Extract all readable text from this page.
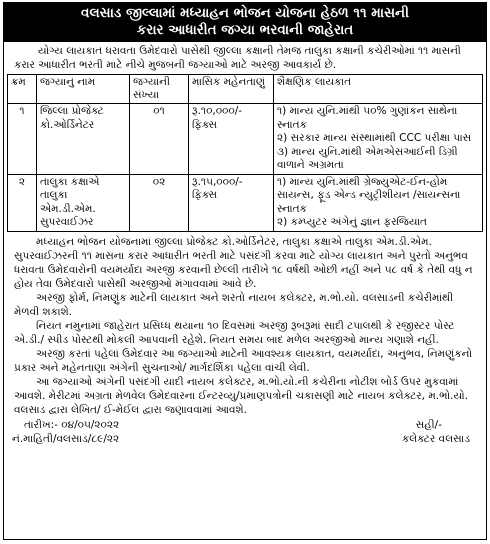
વલસાડ જીલ્લામાં મધ્યાહન ભોજન યોજના હેઠળ ૧૧ માસની
કરાર આધારીત જગ્યા ભરવાની જાહેરાત
યોગ્ય લાયકાત ધરાવતા ઉમેદવારો પાસેથી જીલ્લા કક્ષાની તેમજ તાલુકા કક્ષાની કચેરીઓમાં ૧૧ માસની કરાર આધારીત ભરતી માટે નીચે મુજબની જગ્યાઓ માટે અરજી આવકાર્ય છે.
ક્રમ	જગ્યાનું નામ	જગ્યાની સંખ્યા	માસિક મહેનતાણું	શૈક્ષણિક લાયકાત
૧	જિલ્લા પ્રોજેક્ટ કો.ઓર્ડિનેટર	૦૧	રૂ.૧૦,૦૦૦/- ફિક્સ	૧) માન્ય યુનિ.માંથી ૫૦% ગુણાંકન સાથેના સ્નાતક
૨) સરકાર માન્ય સંસ્થામાંથી CCC પરીક્ષા પાસ
૩) માન્ય યુનિ.માંથી એમએસઆઈની ડિગ્રી વાળાને અગ્રમતા

૨	તાલુકા કક્ષાએ તાલુકા એમ.ડી.એમ. સુપરવાઈઝર	૦૨	રૂ.૧૫,૦૦૦/- ફિક્સ	૧) માન્ય યુનિ.માંથી ગ્રેજ્યુએટ-ઈન-હોમ સાયન્સ, ફૂડ એન્ડ ન્યુટ્રીશીયન /સાયન્સના સ્નાતક
૨) કમ્પ્યુટર અંગેનું જ્ઞાન ફરજિયાત

મધ્યાહન ભોજન યોજનામાં જીલ્લા પ્રોજેક્ટ કો.ઓર્ડિનેટર, તાલુકા કક્ષાએ તાલુકા એમ.ડી.એમ. સુપરવાઈઝરની ૧૧ માસના કરાર આધારીત ભરતી માટે પસંદગી કરવા માટે યોગ્ય લાયકાત અને પુરતો અનુભવ ધરાવતા ઉમેદવારોની વયમર્યાદા અરજી કરવાની છેલ્લી તારીખે ૧૮ વર્ષથી ઓછી નહીં અને ૫૮ વર્ષ કે તેથી વધુ ન હોય તેવા ઉમેદવારો પાસેથી અરજીઓ મંગાવવામાં આવે છે.

અરજી ફોર્મ, નિમણુંક માટેની લાયકાત અને શરતો નાયબ કલેક્ટર, મ.ભો.યો. વલસાડની કચેરીમાંથી મેળવી શકાશે.

નિયત નમુનામાં જાહેરાત પ્રસિધ્ધ થયાના ૧૦ દિવસમાં અરજી રૂબરૂમાં સાદી ટપાલથી કે રજીસ્ટર પોસ્ટ એ.ડી./ સ્પીડ પોસ્ટથી મોકલી આપવાની રહેશે. નિયત સમય બાદ મળેલ અરજીઓ માન્ય ગણાશે નહીં.

અરજી કરતાં પહેલાં ઉમેદવાર આ જગ્યાઓ માટેની આવશ્યક લાયકાત, વયમર્યાદા, અનુભવ, નિમણુંકનો પ્રકાર અને મહેનતાણા અંગેની સુચનાઓ/ માર્ગદર્શિકા પહેલા વાંચી લેવી.

આ જગ્યાઓ અંગેની પસંદગી યાદી નાયબ કલેક્ટર, મ.ભો.યો.ની કચેરીના નોટીશ બોર્ડ ઉપર મુકવામાં આવશે. મેરીટમાં અગ્રતા મેળવેલ ઉમેદવારના ઈન્ટરવ્યુ/પ્રમાણપત્રોની ચકાસણી માટે નાયબ કલેક્ટર, મ.ભો.યો. વલસાડ દ્વારા લેખિત/ ઈ-મેઈલ દ્વારા જણાવવામાં આવશે.

તારીખ:- ૦૪/૦૫/૨૦૨૨	સહી/-
નં.માહિતી/વલસાડ/૮૯/૨૨	કલેક્ટર વલસાડ
